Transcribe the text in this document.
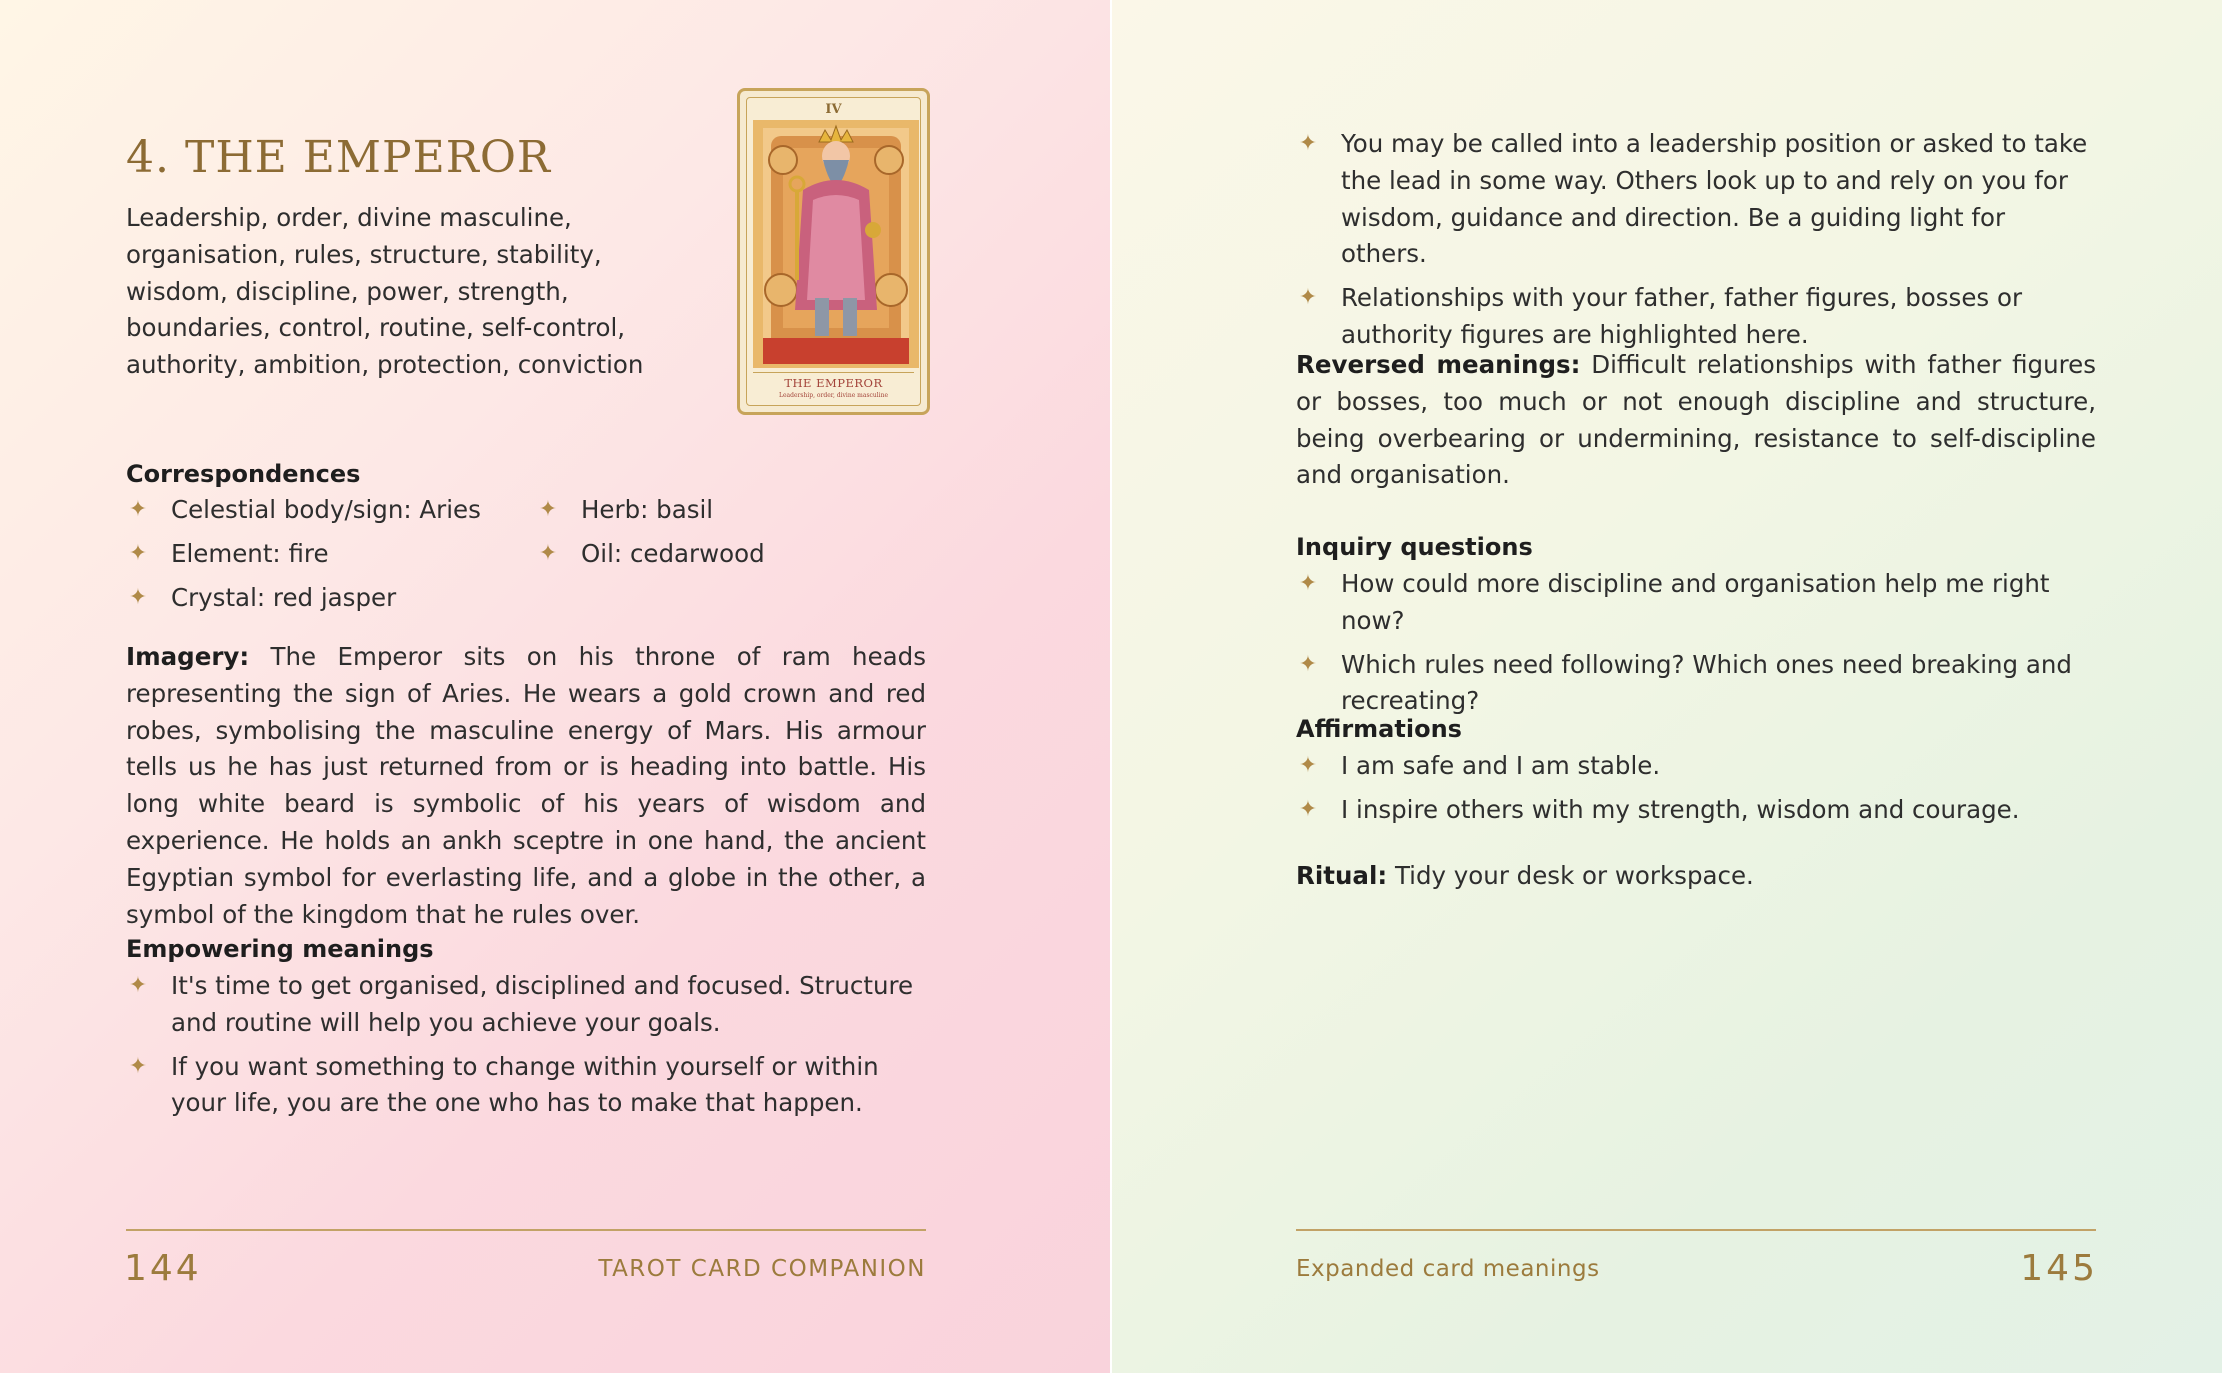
4. THE EMPEROR
Leadership, order, divine masculine, organisation, rules, structure, stability, wisdom, discipline, power, strength, boundaries, control, routine, self-control, authority, ambition, protection, conviction
IV
THE EMPEROR
Leadership, order, divine masculine
Correspondences
✦ Celestial body/sign: Aries
✦ Element: fire
✦ Crystal: red jasper
✦ Herb: basil
✦ Oil: cedarwood

Imagery: The Emperor sits on his throne of ram heads representing the sign of Aries. He wears a gold crown and red robes, symbolising the masculine energy of Mars. His armour tells us he has just returned from or is heading into battle. His long white beard is symbolic of his years of wisdom and experience. He holds an ankh sceptre in one hand, the ancient Egyptian symbol for everlasting life, and a globe in the other, a symbol of the kingdom that he rules over.

Empowering meanings
✦ It's time to get organised, disciplined and focused. Structure and routine will help you achieve your goals.
✦ If you want something to change within yourself or within your life, you are the one who has to make that happen.
144	TAROT CARD COMPANION
✦ You may be called into a leadership position or asked to take the lead in some way. Others look up to and rely on you for wisdom, guidance and direction. Be a guiding light for others.
✦ Relationships with your father, father figures, bosses or authority figures are highlighted here.

Reversed meanings: Difficult relationships with father figures or bosses, too much or not enough discipline and structure, being overbearing or undermining, resistance to self-discipline and organisation.

Inquiry questions
✦ How could more discipline and organisation help me right now?
✦ Which rules need following? Which ones need breaking and recreating?
Affirmations
✦ I am safe and I am stable.
✦ I inspire others with my strength, wisdom and courage.

Ritual: Tidy your desk or workspace.

Expanded card meanings	145
